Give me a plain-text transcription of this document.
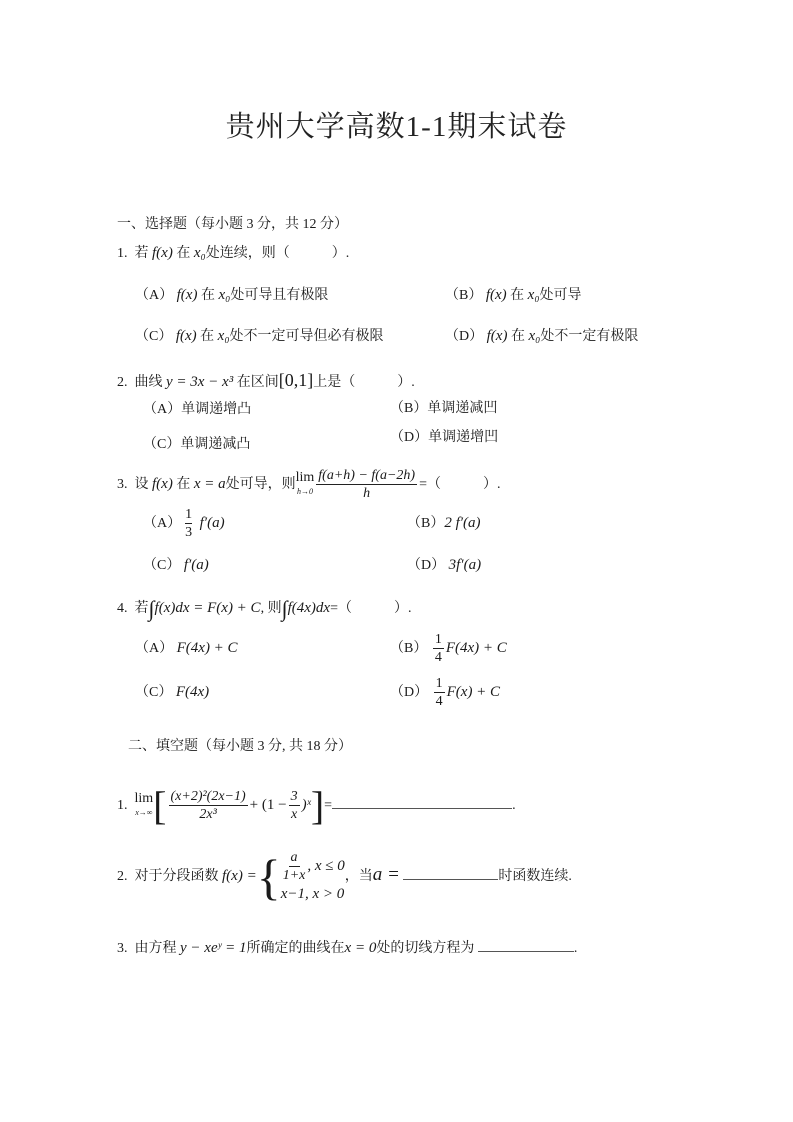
贵州大学高数1-1期末试卷
一、选择题（每小题 3 分，共 12 分）
1. 若 f(x) 在 x₀处连续，则（　　　）.
（A） f(x) 在 x₀处可导且有极限	（B） f(x) 在 x₀处可导
（C） f(x) 在 x₀处不一定可导但必有极限	（D） f(x) 在 x₀处不一定有极限
2. 曲线 y = 3x − x³ 在区间[0,1]上是（　　　）.
（A）单调递增凸	（B）单调递减凹
（C）单调递减凸	（D）单调递增凹
3. 设 f(x) 在 x = a处可导，则 lim
$h\to 0 \frac{f(a+h) - f(a-2h)}{h}$ =（　　　）.
$(A) \frac{1}{3} f'(a)$	（B）2 f′(a)
（C） f′(a)	（D） 3f′(a)
4. 若∫f(x)dx = F(x) + C, 则∫f(4x)dx=（　　　）.
（A） F(4x) + C	$(B) \frac{1}{4} F(4x) + C$
（C） F(4x)	$(D) \frac{1}{4} F(x) + C$
二、填空题（每小题 3 分, 共 18 分）
1. lim
x→∞ [ $\frac{\text{(x+2)²(2x−1)}}{\text{2x³}} + (1 - \frac{3}{x}$ )ˣ]=	.
2. 对于分段函数 f(x) ={ $\frac{a}{1+x}$ , x ≤ 0
x−1, x > 0
，当a =	时函数连续.
3. 由方程 y − xeʸ = 1所确定的曲线在x = 0处的切线方程为	.
